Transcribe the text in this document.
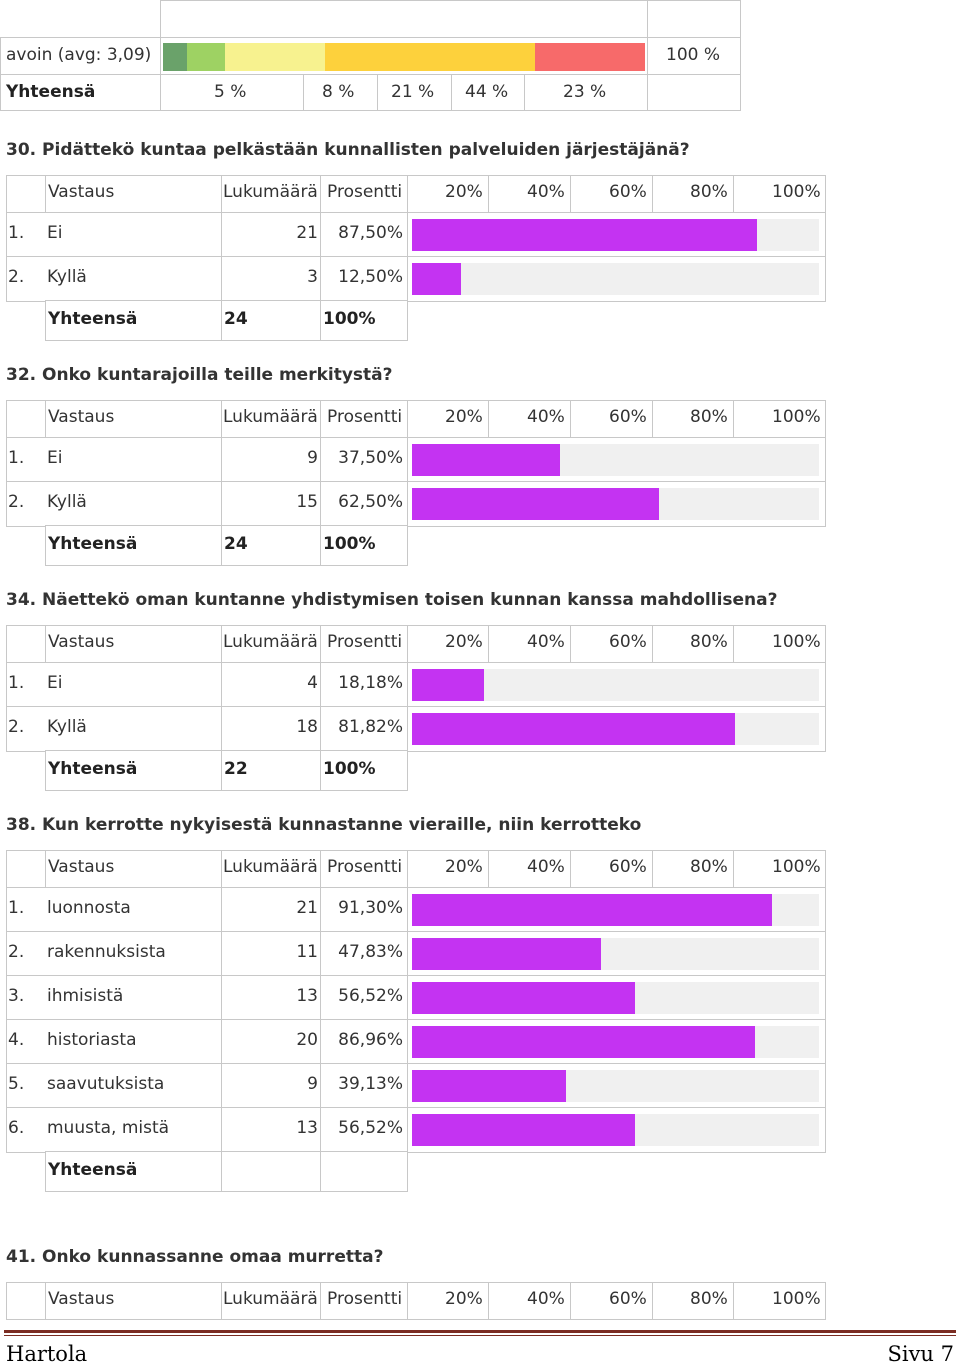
avoin (avg: 3,09)	100 %
Yhteensä	5 %	8 % 21 % 44 %	23 %
30. Pidättekö kuntaa pelkästään kunnallisten palveluiden järjestäjänä?
Vastaus	Lukumäärä Prosentti	20%	40%	60%	80%	100%
1. Ei	21	87,50%
2. Kyllä	3	12,50%
Yhteensä	24	100%
32. Onko kuntarajoilla teille merkitystä?
Vastaus	Lukumäärä Prosentti	20%	40%	60%	80%	100%
1. Ei	9	37,50%
2. Kyllä	15	62,50%
Yhteensä	24	100%
34. Näettekö oman kuntanne yhdistymisen toisen kunnan kanssa mahdollisena?
Vastaus	Lukumäärä Prosentti	20%	40%	60%	80%	100%
1. Ei	4	18,18%
2. Kyllä	18	81,82%
Yhteensä	22	100%
38. Kun kerrotte nykyisestä kunnastanne vieraille, niin kerrotteko
Vastaus	Lukumäärä Prosentti	20%	40%	60%	80%	100%
1. luonnosta	21	91,30%
2. rakennuksista	11	47,83%
3. ihmisistä	13	56,52%
4. historiasta	20	86,96%
5. saavutuksista	9	39,13%
6. muusta, mistä	13	56,52%
Yhteensä
41. Onko kunnassanne omaa murretta?
Vastaus	Lukumäärä Prosentti	20%	40%	60%	80%	100%
Hartola	Sivu 7
